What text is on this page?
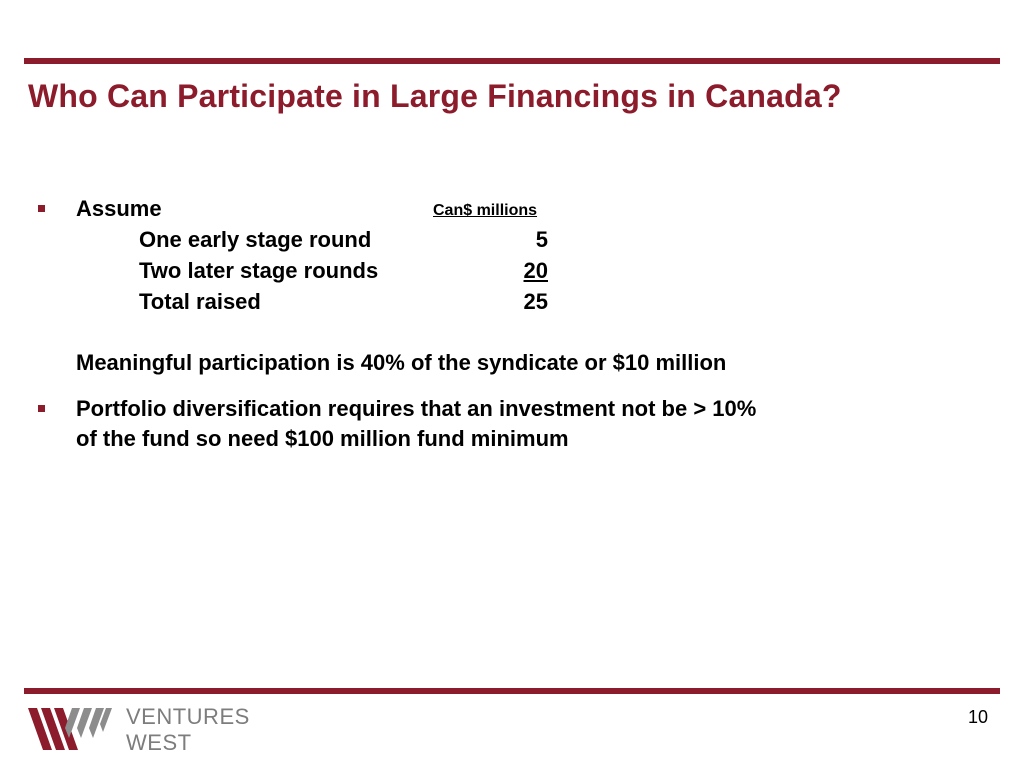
Who Can Participate in Large Financings in Canada?
Assume	Can$ millions
One early stage round	5
Two later stage rounds	20
Total raised	25
Meaningful participation is 40% of the syndicate or $10 million
Portfolio diversification requires that an investment not be > 10%
of the fund so need $100 million fund minimum
VENTURES
WEST
10
